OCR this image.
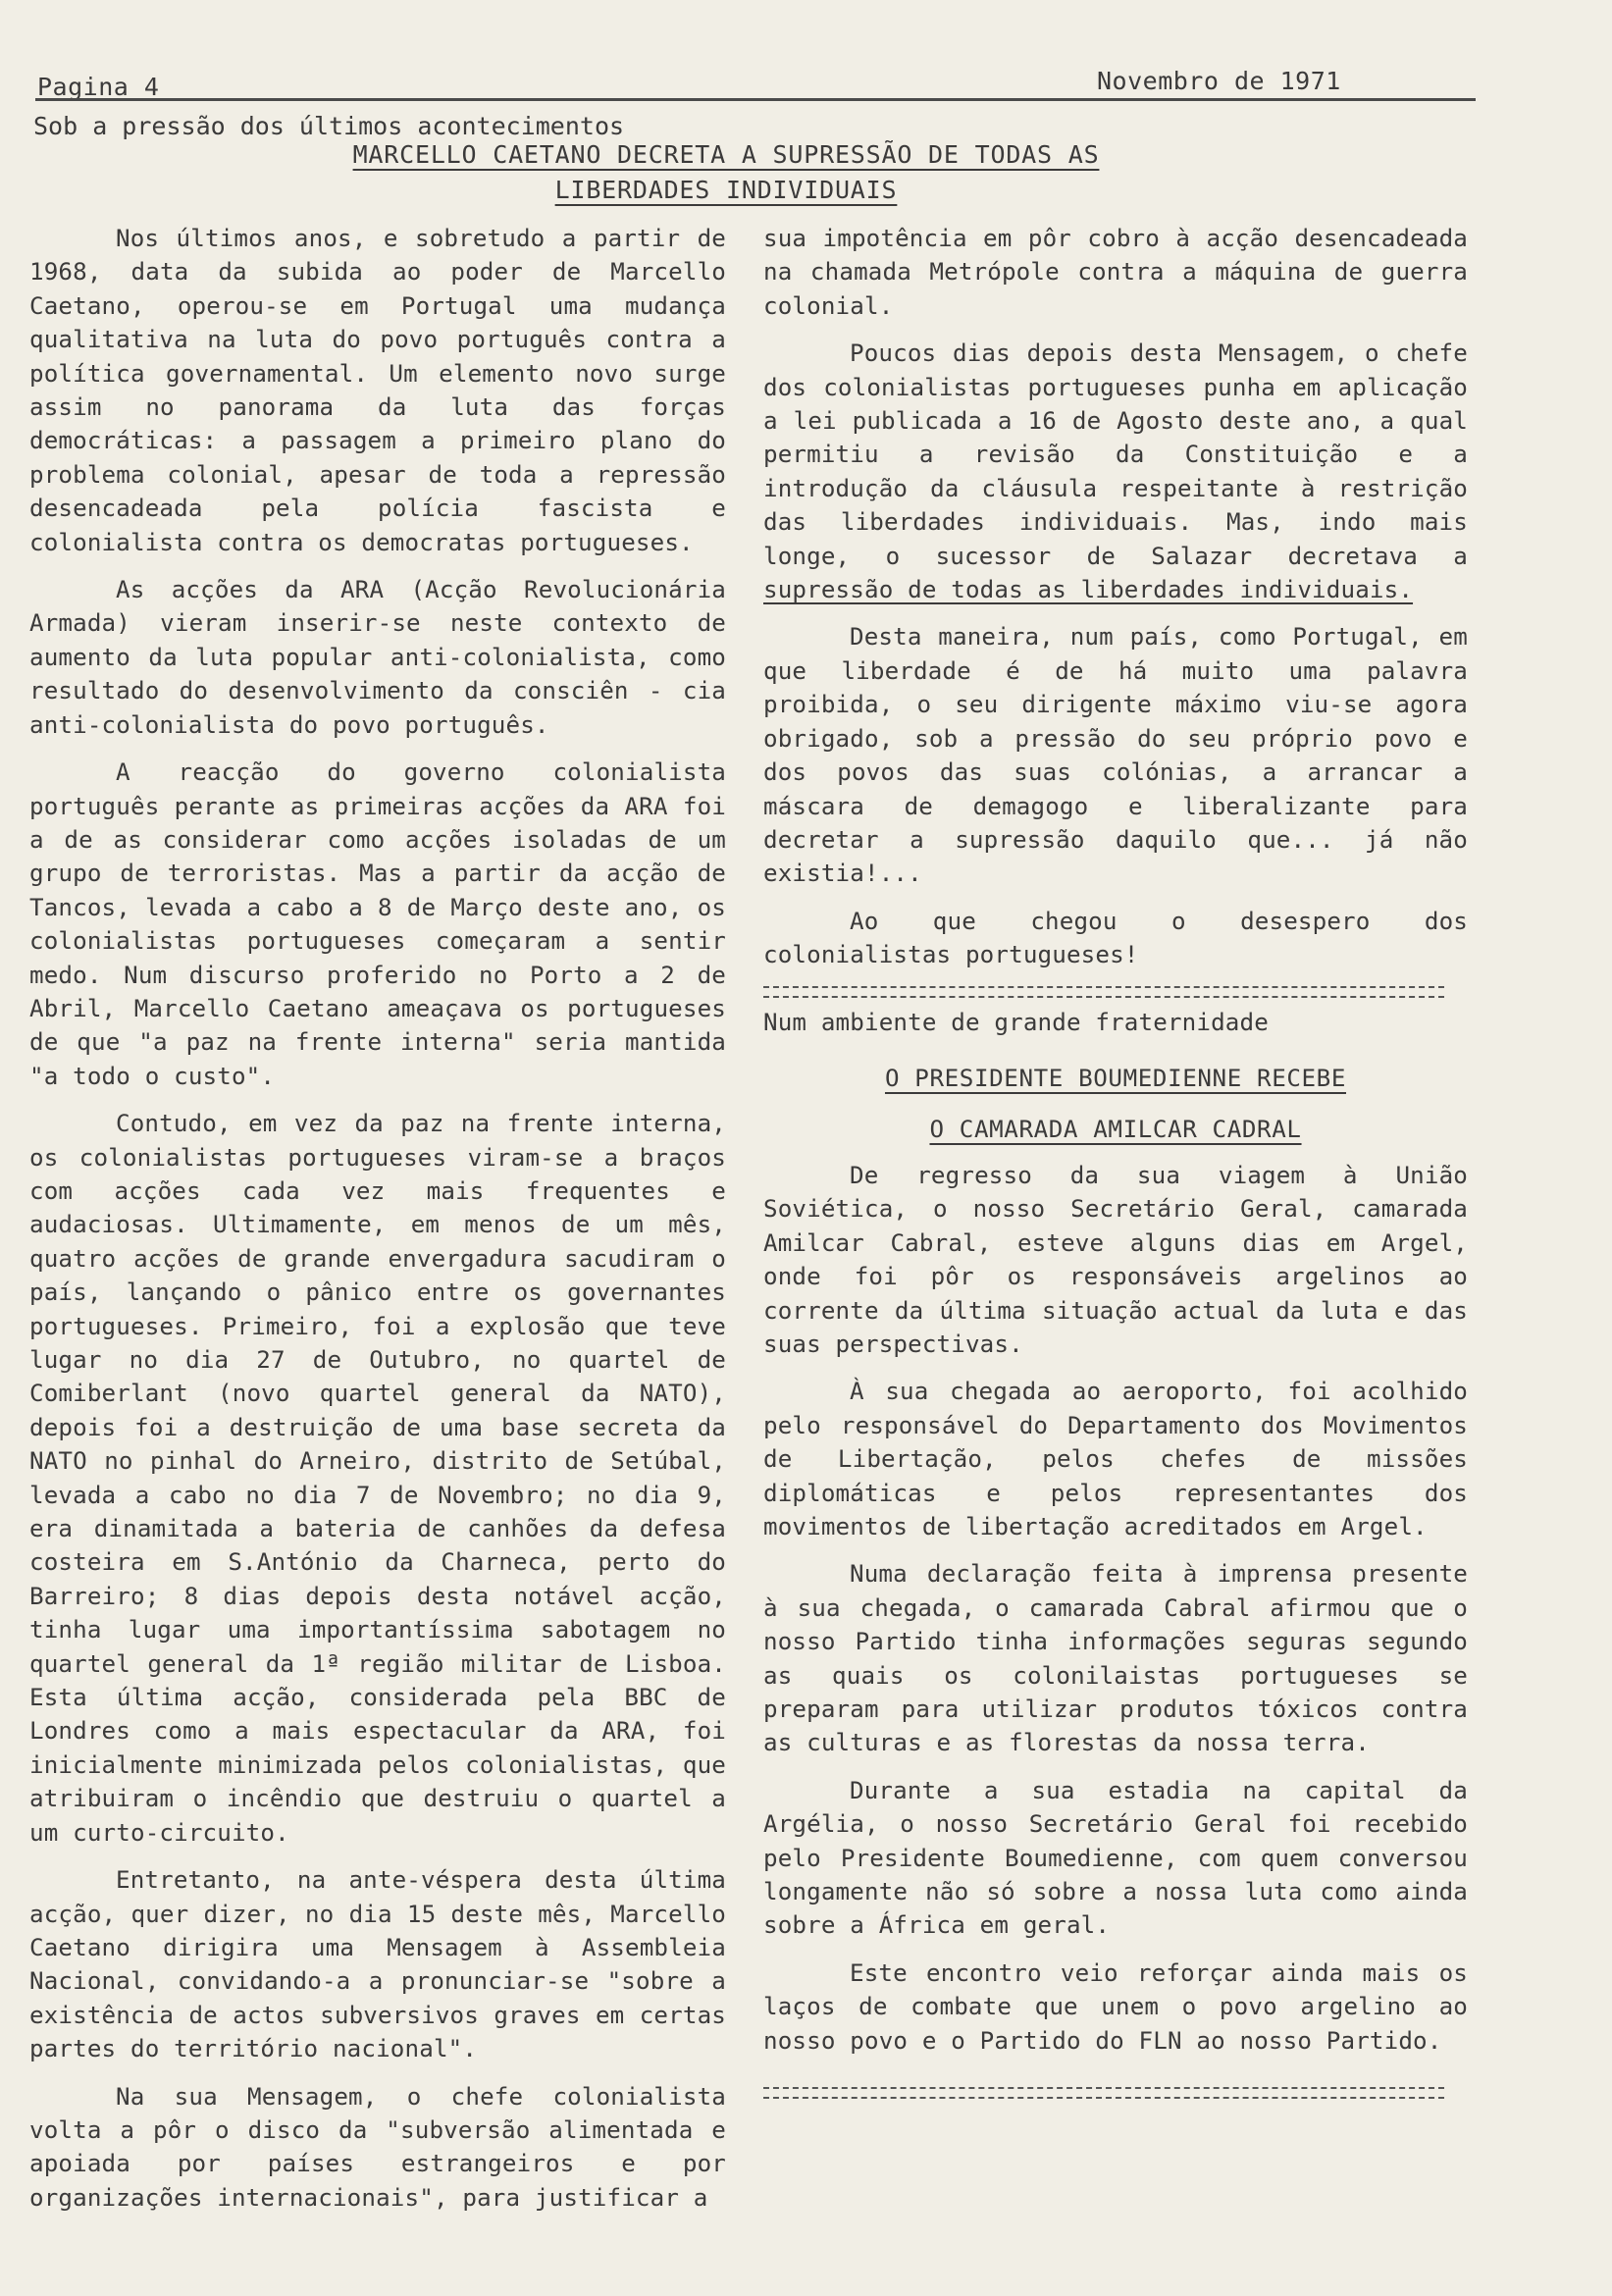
Pagina 4	Novembro de 1971
Sob a pressão dos últimos acontecimentos
MARCELLO CAETANO DECRETA A SUPRESSÃO DE TODAS AS
LIBERDADES INDIVIDUAIS

Nos últimos anos, e sobretudo a partir de 1968, data da subida ao poder de Marcello Caetano, operou-se em Portugal uma mudança qualitativa na luta do povo português contra a política governamental. Um elemento novo surge assim no panorama da luta das forças democráticas: a passagem a primeiro plano do problema colonial, apesar de toda a repressão desencadeada pela polícia fascista e colonialista contra os democratas portugueses.

As acções da ARA (Acção Revolucionária Armada) vieram inserir-se neste contexto de aumento da luta popular anti-colonialista, como resultado do desenvolvimento da consciên - cia anti-colonialista do povo português.

A reacção do governo colonialista português perante as primeiras acções da ARA foi a de as considerar como acções isoladas de um grupo de terroristas. Mas a partir da acção de Tancos, levada a cabo a 8 de Março deste ano, os colonialistas portugueses começaram a sentir medo. Num discurso proferido no Porto a 2 de Abril, Marcello Caetano ameaçava os portugueses de que "a paz na frente interna" seria mantida "a todo o custo".

Contudo, em vez da paz na frente interna, os colonialistas portugueses viram-se a braços com acções cada vez mais frequentes e audaciosas. Ultimamente, em menos de um mês, quatro acções de grande envergadura sacudiram o país, lançando o pânico entre os governantes portugueses. Primeiro, foi a explosão que teve lugar no dia 27 de Outubro, no quartel de Comiberlant (novo quartel general da NATO), depois foi a destruição de uma base secreta da NATO no pinhal do Arneiro, distrito de Setúbal, levada a cabo no dia 7 de Novembro; no dia 9, era dinamitada a bateria de canhões da defesa costeira em S.António da Charneca, perto do Barreiro; 8 dias depois desta notável acção, tinha lugar uma importantíssima sabotagem no quartel general da 1ª região militar de Lisboa. Esta última acção, considerada pela BBC de Londres como a mais espectacular da ARA, foi inicialmente minimizada pelos colonialistas, que atribuiram o incêndio que destruiu o quartel a um curto-circuito.

Entretanto, na ante-véspera desta última acção, quer dizer, no dia 15 deste mês, Marcello Caetano dirigira uma Mensagem à Assembleia Nacional, convidando-a a pronunciar-se "sobre a existência de actos subversivos graves em certas partes do território nacional".

Na sua Mensagem, o chefe colonialista volta a pôr o disco da "subversão alimentada e apoiada por países estrangeiros e por organizações internacionais", para justificar a

sua impotência em pôr cobro à acção desencadeada na chamada Metrópole contra a máquina de guerra colonial.

Poucos dias depois desta Mensagem, o chefe dos colonialistas portugueses punha em aplicação a lei publicada a 16 de Agosto deste ano, a qual permitiu a revisão da Constituição e a introdução da cláusula respeitante à restrição das liberdades individuais. Mas, indo mais longe, o sucessor de Salazar decretava a supressão de todas as liberdades individuais.

Desta maneira, num país, como Portugal, em que liberdade é de há muito uma palavra proibida, o seu dirigente máximo viu-se agora obrigado, sob a pressão do seu próprio povo e dos povos das suas colónias, a arrancar a máscara de demagogo e liberalizante para decretar a supressão daquilo que... já não existia!...

Ao que chegou o desespero dos colonialistas portugueses!

Num ambiente de grande fraternidade

O PRESIDENTE BOUMEDIENNE RECEBE
O CAMARADA AMILCAR CADRAL

De regresso da sua viagem à União Soviética, o nosso Secretário Geral, camarada Amilcar Cabral, esteve alguns dias em Argel, onde foi pôr os responsáveis argelinos ao corrente da última situação actual da luta e das suas perspectivas.

À sua chegada ao aeroporto, foi acolhido pelo responsável do Departamento dos Movimentos de Libertação, pelos chefes de missões diplomáticas e pelos representantes dos movimentos de libertação acreditados em Argel.

Numa declaração feita à imprensa presente à sua chegada, o camarada Cabral afirmou que o nosso Partido tinha informações seguras segundo as quais os colonilaistas portugueses se preparam para utilizar produtos tóxicos contra as culturas e as florestas da nossa terra.

Durante a sua estadia na capital da Argélia, o nosso Secretário Geral foi recebido pelo Presidente Boumedienne, com quem conversou longamente não só sobre a nossa luta como ainda sobre a África em geral.

Este encontro veio reforçar ainda mais os laços de combate que unem o povo argelino ao nosso povo e o Partido do FLN ao nosso Partido.
